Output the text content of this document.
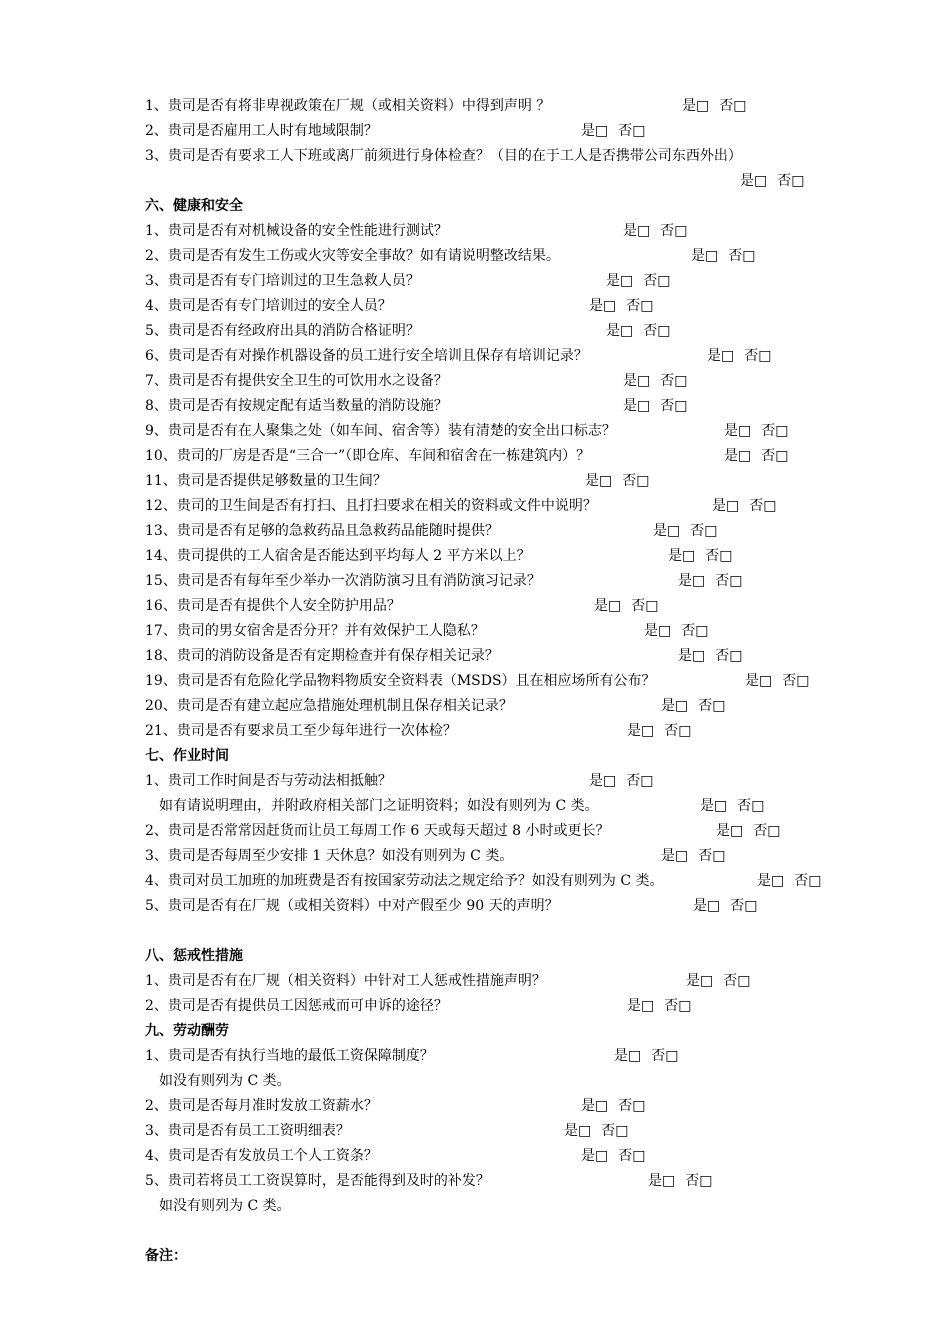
1、贵司是否有将非卑视政策在厂规（或相关资料）中得到声明 ？	是□ 否□
2、贵司是否雇用工人时有地域限制？	是□ 否□
3、贵司是否有要求工人下班或离厂前须进行身体检查？（目的在于工人是否携带公司东西外出）
是□ 否□
六、健康和安全
1、贵司是否有对机械设备的安全性能进行测试？	是□ 否□
2、贵司是否有发生工伤或火灾等安全事故？如有请说明整改结果。	是□ 否□
3、贵司是否有专门培训过的卫生急救人员？	是□ 否□
4、贵司是否有专门培训过的安全人员？	是□ 否□
5、贵司是否有经政府出具的消防合格证明？	是□ 否□
6、贵司是否有对操作机器设备的员工进行安全培训且保存有培训记录？	是□ 否□
7、贵司是否有提供安全卫生的可饮用水之设备？	是□ 否□
8、贵司是否有按规定配有适当数量的消防设施？	是□ 否□
9、贵司是否有在人聚集之处（如车间、宿舍等）装有清楚的安全出口标志？	是□ 否□
10、贵司的厂房是否是“三合一”（即仓库、车间和宿舍在一栋建筑内）？	是□ 否□
11、贵司是否提供足够数量的卫生间？	是□ 否□
12、贵司的卫生间是否有打扫、且打扫要求在相关的资料或文件中说明？	是□ 否□
13、贵司是否有足够的急救药品且急救药品能随时提供？	是□ 否□
14、贵司提供的工人宿舍是否能达到平均每人 2 平方米以上？	是□ 否□
15、贵司是否有每年至少举办一次消防演习且有消防演习记录？	是□ 否□
16、贵司是否有提供个人安全防护用品？	是□ 否□
17、贵司的男女宿舍是否分开？并有效保护工人隐私？	是□ 否□
18、贵司的消防设备是否有定期检查并有保存相关记录？	是□ 否□
19、贵司是否有危险化学品物料物质安全资料表（MSDS）且在相应场所有公布？	是□ 否□
20、贵司是否有建立起应急措施处理机制且保存相关记录？	是□ 否□
21、贵司是否有要求员工至少每年进行一次体检？	是□ 否□
七、作业时间
1、贵司工作时间是否与劳动法相抵触？	是□ 否□
如有请说明理由，并附政府相关部门之证明资料；如没有则列为 C 类。	是□ 否□
2、贵司是否常常因赶货而让员工每周工作 6 天或每天超过 8 小时或更长？	是□ 否□
3、贵司是否每周至少安排 1 天休息？如没有则列为 C 类。	是□ 否□
4、贵司对员工加班的加班费是否有按国家劳动法之规定给予？如没有则列为 C 类。	是□ 否□
5、贵司是否有在厂规（或相关资料）中对产假至少 90 天的声明？	是□ 否□
八、惩戒性措施
1、贵司是否有在厂规（相关资料）中针对工人惩戒性措施声明？	是□ 否□
2、贵司是否有提供员工因惩戒而可申诉的途径？	是□ 否□
九、劳动酬劳
1、贵司是否有执行当地的最低工资保障制度？	是□ 否□
如没有则列为 C 类。
2、贵司是否每月准时发放工资薪水？	是□ 否□
3、贵司是否有员工工资明细表？	是□ 否□
4、贵司是否有发放员工个人工资条？	是□ 否□
5、贵司若将员工工资误算时，是否能得到及时的补发？	是□ 否□
如没有则列为 C 类。
备注：
